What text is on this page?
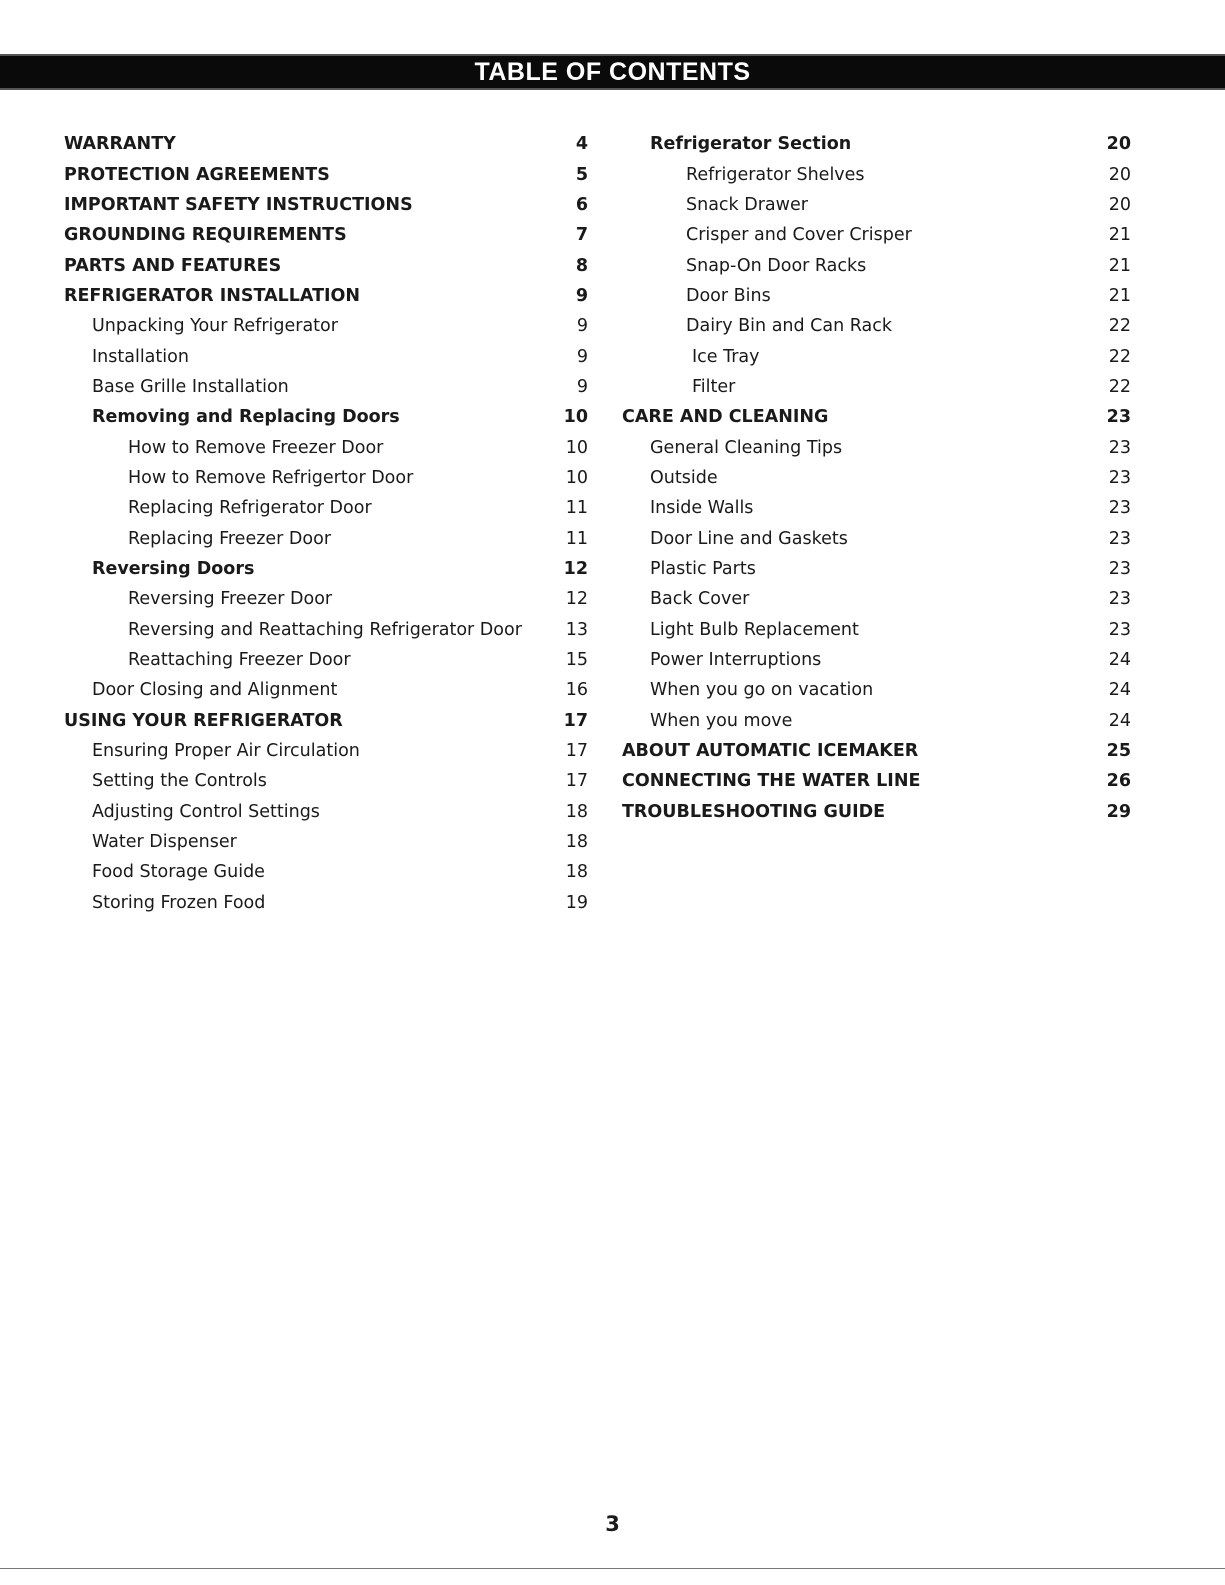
TABLE OF CONTENTS
WARRANTY	4
PROTECTION AGREEMENTS	5
IMPORTANT SAFETY INSTRUCTIONS	6
GROUNDING REQUIREMENTS	7
PARTS AND FEATURES	8
REFRIGERATOR INSTALLATION	9
Unpacking Your Refrigerator	9
Installation	9
Base Grille Installation	9
Removing and Replacing Doors	10
How to Remove Freezer Door	10
How to Remove Refrigertor Door	10
Replacing Refrigerator Door	11
Replacing Freezer Door	11
Reversing Doors	12
Reversing Freezer Door	12
Reversing and Reattaching Refrigerator Door	13
Reattaching Freezer Door	15
Door Closing and Alignment	16
USING YOUR REFRIGERATOR	17
Ensuring Proper Air Circulation	17
Setting the Controls	17
Adjusting Control Settings	18
Water Dispenser	18
Food Storage Guide	18
Storing Frozen Food	19
Refrigerator Section	20
Refrigerator Shelves	20
Snack Drawer	20
Crisper and Cover Crisper	21
Snap-On Door Racks	21
Door Bins	21
Dairy Bin and Can Rack	22
Ice Tray	22
Filter	22
CARE AND CLEANING	23
General Cleaning Tips	23
Outside	23
Inside Walls	23
Door Line and Gaskets	23
Plastic Parts	23
Back Cover	23
Light Bulb Replacement	23
Power Interruptions	24
When you go on vacation	24
When you move	24
ABOUT AUTOMATIC ICEMAKER	25
CONNECTING THE WATER LINE	26
TROUBLESHOOTING GUIDE	29
3
